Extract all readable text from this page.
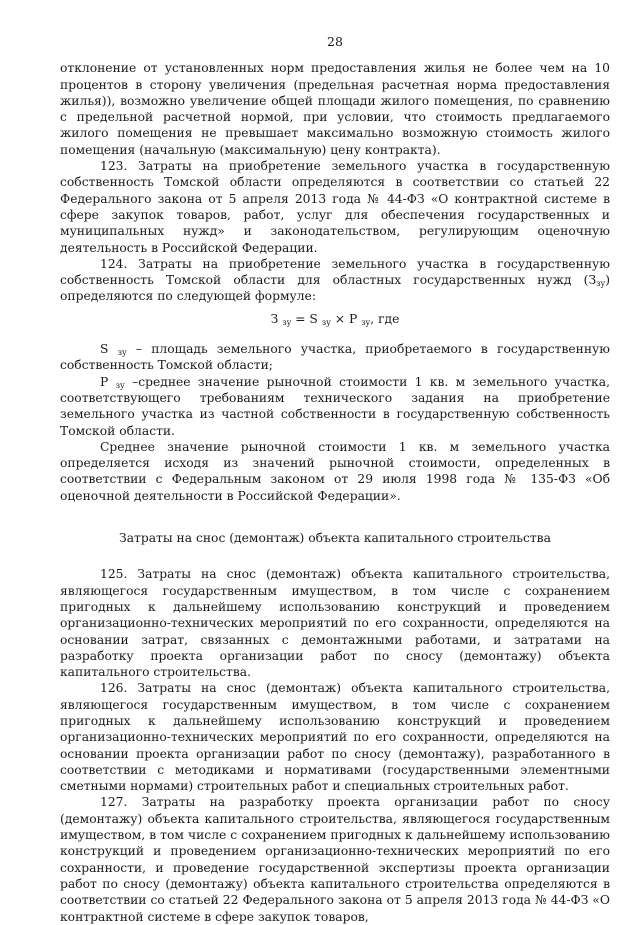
28

отклонение от установленных норм предоставления жилья не более чем на 10 процентов в сторону увеличения (предельная расчетная норма предоставления жилья)), возможно увеличение общей площади жилого помещения, по сравнению с предельной расчетной нормой, при условии, что стоимость предлагаемого жилого помещения не превышает максимально возможную стоимость жилого помещения (начальную (максимальную) цену контракта).

123. Затраты на приобретение земельного участка в государственную собственность Томской области определяются в соответствии со статьей 22 Федерального закона от 5 апреля 2013 года № 44-ФЗ «О контрактной системе в сфере закупок товаров, работ, услуг для обеспечения государственных и муниципальных нужд» и законодательством, регулирующим оценочную деятельность в Российской Федерации.

124. Затраты на приобретение земельного участка в государственную собственность Томской области для областных государственных нужд $(З_{зу})$ определяются по следующей формуле:

З $_{зу}$ = S $_{зу}$ × Р $_{зу}$, где

S $_{зу}$ – площадь земельного участка, приобретаемого в государственную собственность Томской области;

Р $_{зу}$ –среднее значение рыночной стоимости 1 кв. м земельного участка, соответствующего требованиям технического задания на приобретение земельного участка из частной собственности в государственную собственность Томской области.

Среднее значение рыночной стоимости 1 кв. м земельного участка определяется исходя из значений рыночной стоимости, определенных в соответствии с Федеральным законом от 29 июля 1998 года № 135-ФЗ «Об оценочной деятельности в Российской Федерации».

Затраты на снос (демонтаж) объекта капитального строительства

125. Затраты на снос (демонтаж) объекта капитального строительства, являющегося государственным имуществом, в том числе с сохранением пригодных к дальнейшему использованию конструкций и проведением организационно-технических мероприятий по его сохранности, определяются на основании затрат, связанных с демонтажными работами, и затратами на разработку проекта организации работ по сносу (демонтажу) объекта капитального строительства.

126. Затраты на снос (демонтаж) объекта капитального строительства, являющегося государственным имуществом, в том числе с сохранением пригодных к дальнейшему использованию конструкций и проведением организационно-технических мероприятий по его сохранности, определяются на основании проекта организации работ по сносу (демонтажу), разработанного в соответствии с методиками и нормативами (государственными элементными сметными нормами) строительных работ и специальных строительных работ.

127. Затраты на разработку проекта организации работ по сносу (демонтажу) объекта капитального строительства, являющегося государственным имуществом, в том числе с сохранением пригодных к дальнейшему использованию конструкций и проведением организационно-технических мероприятий по его сохранности, и проведение государственной экспертизы проекта организации работ по сносу (демонтажу) объекта капитального строительства определяются в соответствии со статьей 22 Федерального закона от 5 апреля 2013 года № 44-ФЗ «О контрактной системе в сфере закупок товаров,
